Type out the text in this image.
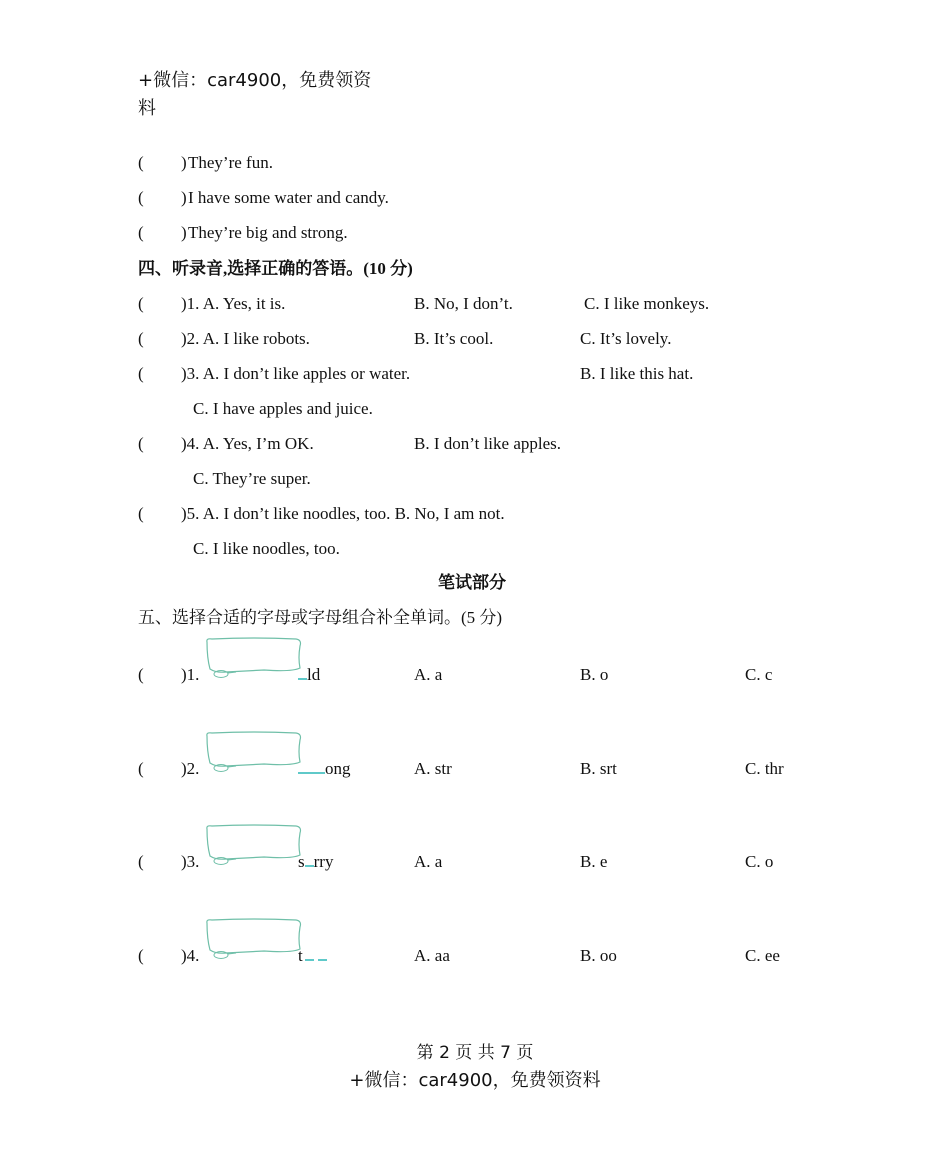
+微信：car4900，免费领资
料
( ) They’re fun.
( ) I have some water and candy.
( ) They’re big and strong.
四、听录音,选择正确的答语。(10 分)
( )1. A. Yes, it is.	B. No, I don’t.	C. I like monkeys.
( )2. A. I like robots.	B. It’s cool.	C. It’s lovely.
( )3. A. I don’t like apples or water.	B. I like this hat.
C. I have apples and juice.
( )4. A. Yes, I’m OK.	B. I don’t like apples.
C. They’re super.
( )5. A. I don’t like noodles, too. B. No, I am not.
C. I like noodles, too.
笔试部分
五、选择合适的字母或字母组合补全单词。(5 分)
( )1.	ld	A. a	B. o	C. c
( )2.	ong	A. str	B. srt	C. thr
( )3.	s rry	A. a	B. e	C. o
( )4.	t	A. aa	B. oo	C. ee
第 2 页 共 7 页
+微信：car4900，免费领资料
